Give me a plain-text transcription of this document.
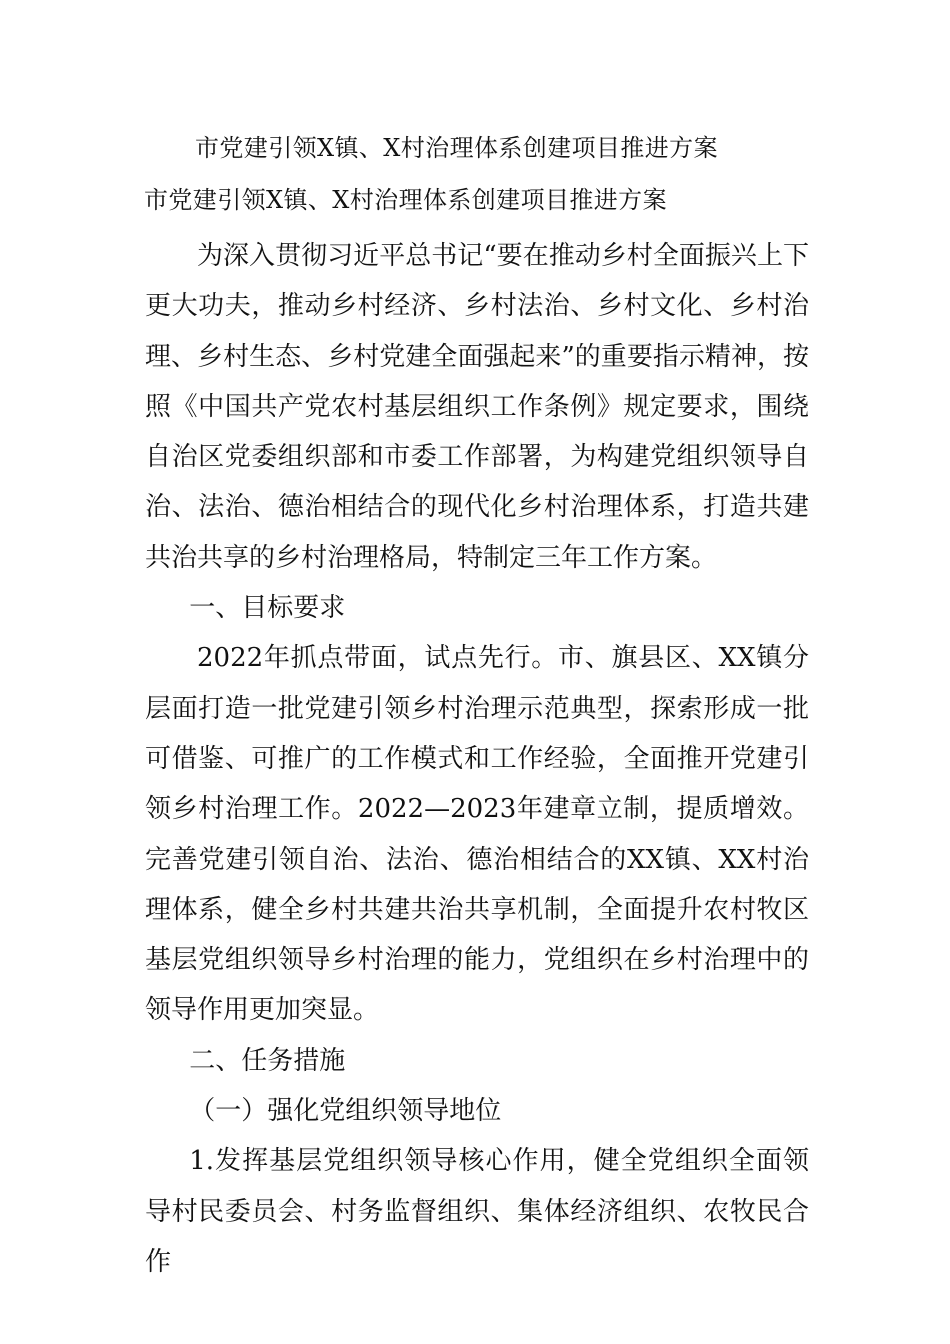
市党建引领X镇、X村治理体系创建项目推进方案
市党建引领X镇、X村治理体系创建项目推进方案

为深入贯彻习近平总书记“要在推动乡村全面振兴上下更大功夫，推动乡村经济、乡村法治、乡村文化、乡村治理、乡村生态、乡村党建全面强起来”的重要指示精神，按照《中国共产党农村基层组织工作条例》规定要求，围绕自治区党委组织部和市委工作部署，为构建党组织领导自治、法治、德治相结合的现代化乡村治理体系，打造共建共治共享的乡村治理格局，特制定三年工作方案。

一、目标要求

2022年抓点带面，试点先行。市、旗县区、XX镇分层面打造一批党建引领乡村治理示范典型，探索形成一批可借鉴、可推广的工作模式和工作经验，全面推开党建引领乡村治理工作。2022—2023年建章立制，提质增效。完善党建引领自治、法治、德治相结合的XX镇、XX村治理体系，健全乡村共建共治共享机制，全面提升农村牧区基层党组织领导乡村治理的能力，党组织在乡村治理中的领导作用更加突显。

二、任务措施

（一）强化党组织领导地位

1.发挥基层党组织领导核心作用，健全党组织全面领导村民委员会、村务监督组织、集体经济组织、农牧民合作
